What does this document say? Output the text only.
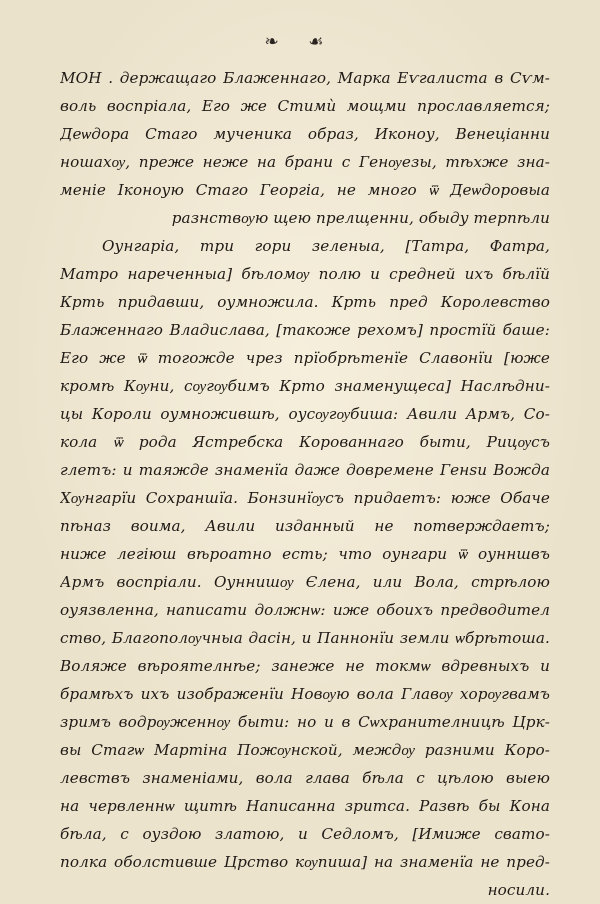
❧ ☙
МОН . держащаго Блаженнаго, Марка Еѵгалиста в Сѵм-
воль воспріала, Его же Стимѝ мощми прославляется;
Деѡдора Стаго мученика образ, Иконоу, Венеціанни
ношахѹ, преже неже на брани с Генѹезы, тѣхже зна-
меніе Іконоую Стаго Георгіа, не много ѿ Деѡдоровыа
разнствѹю щею прелщенни, обыду терпѣли
Оунгаріа, три гори зеленыа, [Татра, Фатра,
Матро нареченныа] бѣломѹ полю и средней ихъ бѣлїй
Крть придавши, оумножила. Крть пред Королевство
Блаженнаго Владислава, [такоже рехомъ] простїй баше:
Его же ѿ тогожде чрез прїобрѣтенїе Славонїи [юже
кромѣ Кѹни, сѹгѹбимъ Крто знаменущеса] Наслѣдни-
цы Короли оумножившѣ, оусѹгѹбиша: Авили Армъ, Со-
кола ѿ рода Ястребска Корованнаго быти, Рицѹсъ
глетъ: и таяжде знаменїа даже довремене Генѕи Вожда
Хѹнгарїи Сохраншїа. Бонзинїѹсъ придаетъ: юже Обаче
пѣназ воима, Авили изданный не потверждаетъ;
ниже легіюш вѣроатно есть; что оунгари ѿ оунншвъ
Армъ воспріали. Оуннишѹ Єлена, или Вола, стрѣлою
оуязвленна, написати должнѡ: иже обоихъ предводител
ство, Благополѹчныа дасін, и Паннонїи земли ѡбрѣтоша.
Воляже вѣроятелнѣе; занеже не токмѡ вдревныхъ и
брамѣхъ ихъ изображенїи Новѹю вола Главѹ хорѹгвамъ
зримъ водрѹженнѹ быти: но и в Сѡхранителницѣ Црк-
вы Стагѡ Мартіна Пожѹнской, междѹ разними Коро-
левствъ знаменіами, вола глава бѣла с цѣлою выею
на червленнѡ щитѣ Написанна зритса. Развѣ бы Кона
бѣла, с оуздою златою, и Седломъ, [Имиже свато-
полка оболстивше Црство кѹпиша] на знаменїа не пред-
носили.
